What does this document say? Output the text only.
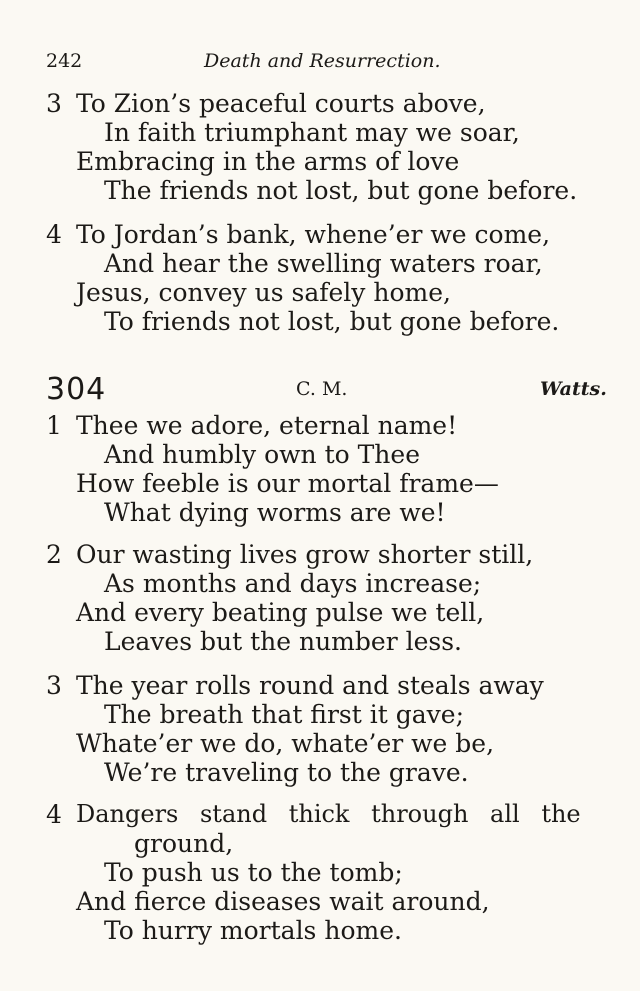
242	Death and Resurrection.
3 To Zion’s peaceful courts above,
In faith triumphant may we soar,
Embracing in the arms of love
The friends not lost, but gone before.
4 To Jordan’s bank, whene’er we come,
And hear the swelling waters roar,
Jesus, convey us safely home,
To friends not lost, but gone before.
304	C. M.	Watts.
1 Thee we adore, eternal name!
And humbly own to Thee
How feeble is our mortal frame—
What dying worms are we!
2 Our wasting lives grow shorter still,
As months and days increase;
And every beating pulse we tell,
Leaves but the number less.
3 The year rolls round and steals away
The breath that first it gave;
Whate’er we do, whate’er we be,
We’re traveling to the grave.
4 Dangers stand thick through all the
ground,
To push us to the tomb;
And fierce diseases wait around,
To hurry mortals home.
